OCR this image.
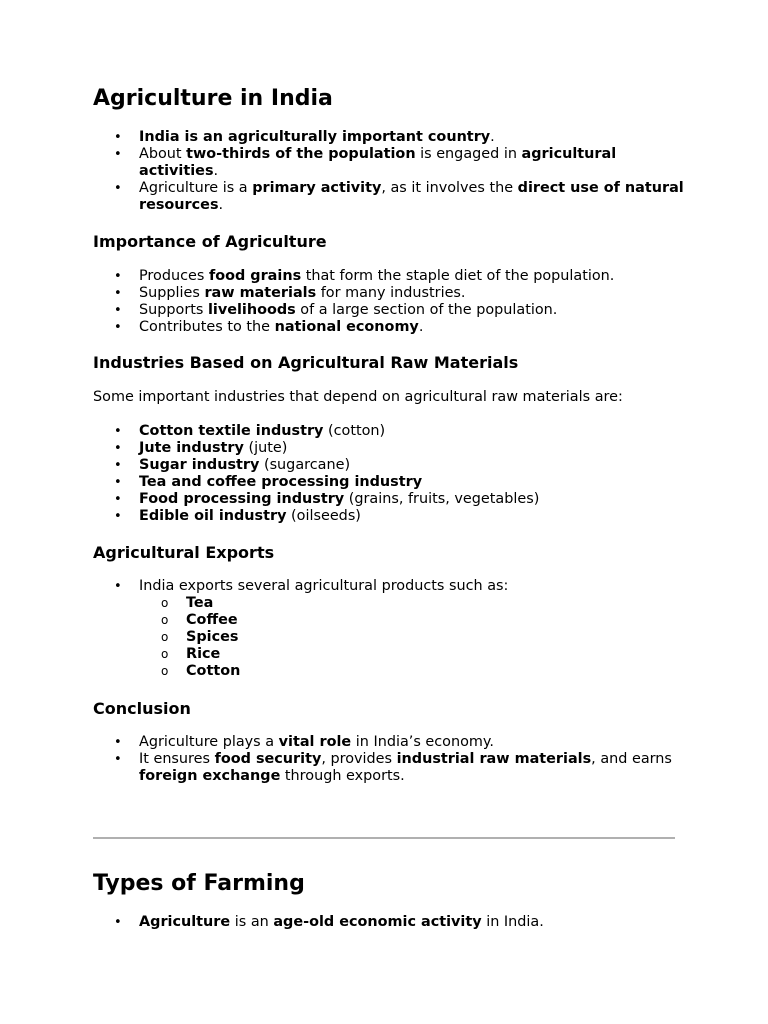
Agriculture in India
• India is an agriculturally important country.
• About two-thirds of the population is engaged in agricultural activities.
• Agriculture is a primary activity, as it involves the direct use of natural resources.
Importance of Agriculture
• Produces food grains that form the staple diet of the population.
• Supplies raw materials for many industries.
• Supports livelihoods of a large section of the population.
• Contributes to the national economy.
Industries Based on Agricultural Raw Materials

Some important industries that depend on agricultural raw materials are:

• Cotton textile industry (cotton)
• Jute industry (jute)
• Sugar industry (sugarcane)
• Tea and coffee processing industry
• Food processing industry (grains, fruits, vegetables)
• Edible oil industry (oilseeds)
Agricultural Exports
• India exports several agricultural products such as:
o Tea
o Coffee
o Spices
o Rice
o Cotton
Conclusion
• Agriculture plays a vital role in India’s economy.
• It ensures food security, provides industrial raw materials, and earns foreign exchange through exports.
Types of Farming
• Agriculture is an age-old economic activity in India.
